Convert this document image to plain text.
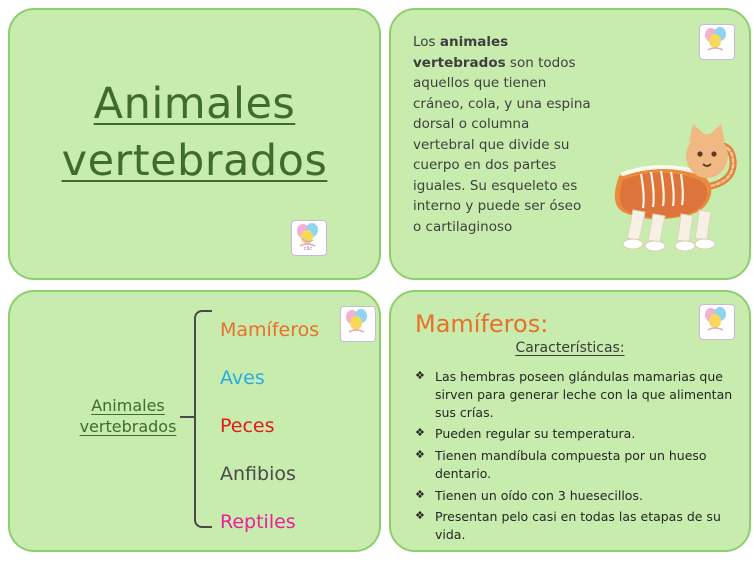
Animales
vertebrados
clic
Los animales vertebrados son todos aquellos que tienen cráneo, cola, y una espina dorsal o columna vertebral que divide su cuerpo en dos partes iguales. Su esqueleto es interno y puede ser óseo o cartilaginoso
Animales
vertebrados
Mamíferos
Aves
Peces
Anfibios
Reptiles
Mamíferos:
Características:
❖ Las hembras poseen glándulas mamarias que sirven para generar leche con la que alimentan sus crías.
❖ Pueden regular su temperatura.
❖ Tienen mandíbula compuesta por un hueso dentario.
❖ Tienen un oído con 3 huesecillos.
❖ Presentan pelo casi en todas las etapas de su vida.
